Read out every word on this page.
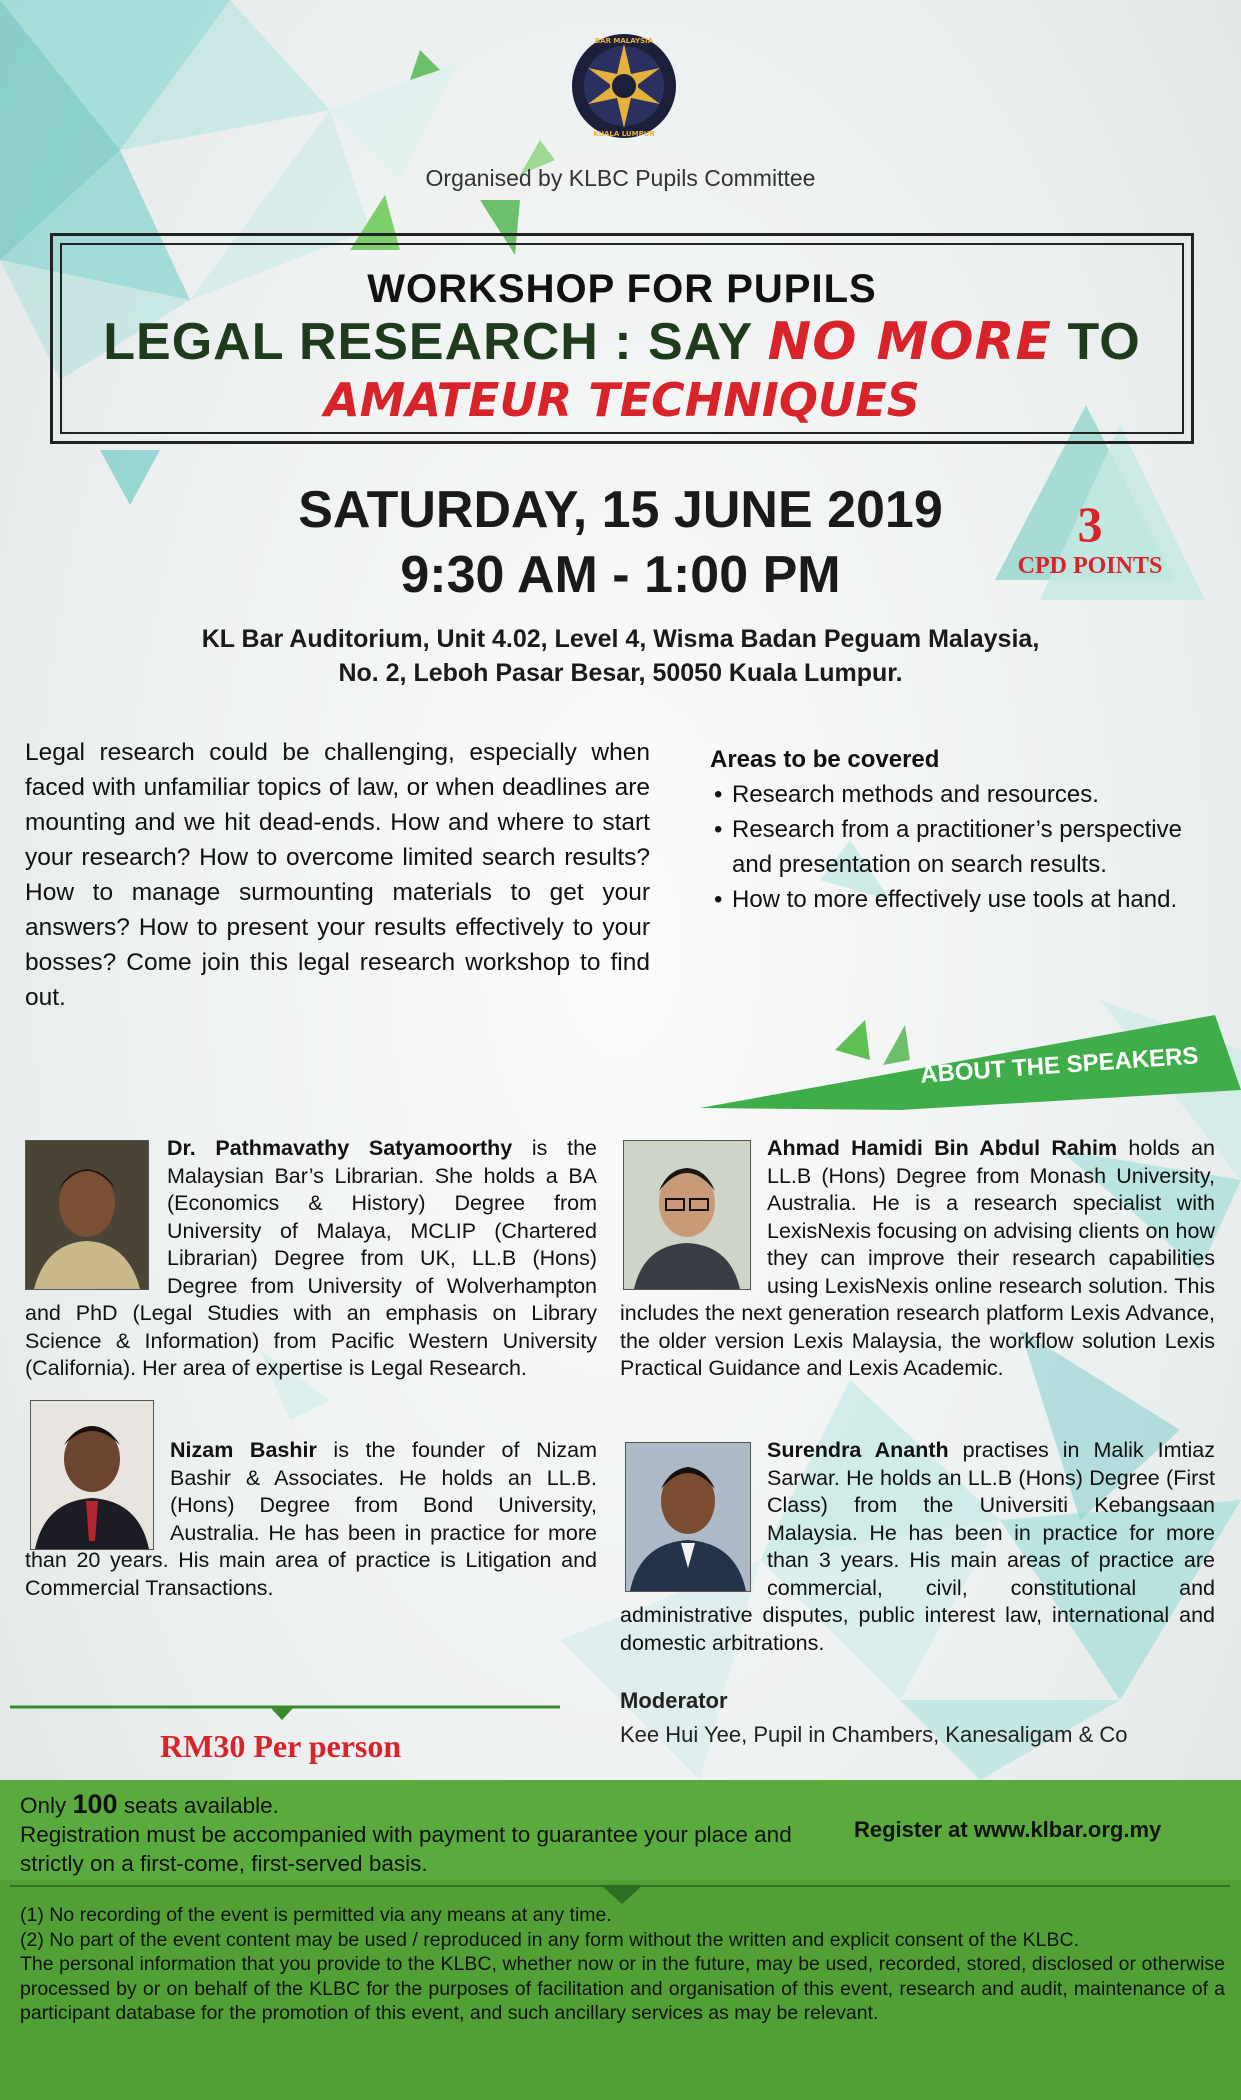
BAR MALAYSIA
KUALA LUMPUR
Organised by KLBC Pupils Committee
WORKSHOP FOR PUPILS
LEGAL RESEARCH : SAY NO MORE TO
AMATEUR TECHNIQUES
SATURDAY, 15 JUNE 2019
9:30 AM - 1:00 PM
3
CPD POINTS
KL Bar Auditorium, Unit 4.02, Level 4, Wisma Badan Peguam Malaysia,
No. 2, Leboh Pasar Besar, 50050 Kuala Lumpur.
Legal research could be challenging, especially when faced with unfamiliar topics of law, or when deadlines are mounting and we hit dead-ends. How and where to start your research? How to overcome limited search results? How to manage surmounting materials to get your answers? How to present your results effectively to your bosses? Come join this legal research workshop to find out.
Areas to be covered
• Research methods and resources.
• Research from a practitioner’s perspective and presentation on search results.
• How to more effectively use tools at hand.
ABOUT THE SPEAKERS
Dr. Pathmavathy Satyamoorthy is the Malaysian Bar’s Librarian. She holds a BA (Economics & History) Degree from University of Malaya, MCLIP (Chartered Librarian) Degree from UK, LL.B (Hons) Degree from University of Wolverhampton and PhD (Legal Studies with an emphasis on Library Science & Information) from Pacific Western University (California). Her area of expertise is Legal Research.
Nizam Bashir is the founder of Nizam Bashir & Associates. He holds an LL.B. (Hons) Degree from Bond University, Australia. He has been in practice for more than 20 years. His main area of practice is Litigation and Commercial Transactions.
Ahmad Hamidi Bin Abdul Rahim holds an LL.B (Hons) Degree from Monash University, Australia. He is a research specialist with LexisNexis focusing on advising clients on how they can improve their research capabilities using LexisNexis online research solution. This includes the next generation research platform Lexis Advance, the older version Lexis Malaysia, the workflow solution Lexis Practical Guidance and Lexis Academic.
Surendra Ananth practises in Malik Imtiaz Sarwar. He holds an LL.B (Hons) Degree (First Class) from the Universiti Kebangsaan Malaysia. He has been in practice for more than 3 years. His main areas of practice are commercial, civil, constitutional and administrative disputes, public interest law, international and domestic arbitrations.
Moderator
Kee Hui Yee, Pupil in Chambers, Kanesaligam & Co
RM30 Per person
Only 100 seats available.
Registration must be accompanied with payment to guarantee your place and strictly on a first-come, first-served basis.
Register at www.klbar.org.my
(1) No recording of the event is permitted via any means at any time.
(2) No part of the event content may be used / reproduced in any form without the written and explicit consent of the KLBC.
The personal information that you provide to the KLBC, whether now or in the future, may be used, recorded, stored, disclosed or otherwise processed by or on behalf of the KLBC for the purposes of facilitation and organisation of this event, research and audit, maintenance of a participant database for the promotion of this event, and such ancillary services as may be relevant.
